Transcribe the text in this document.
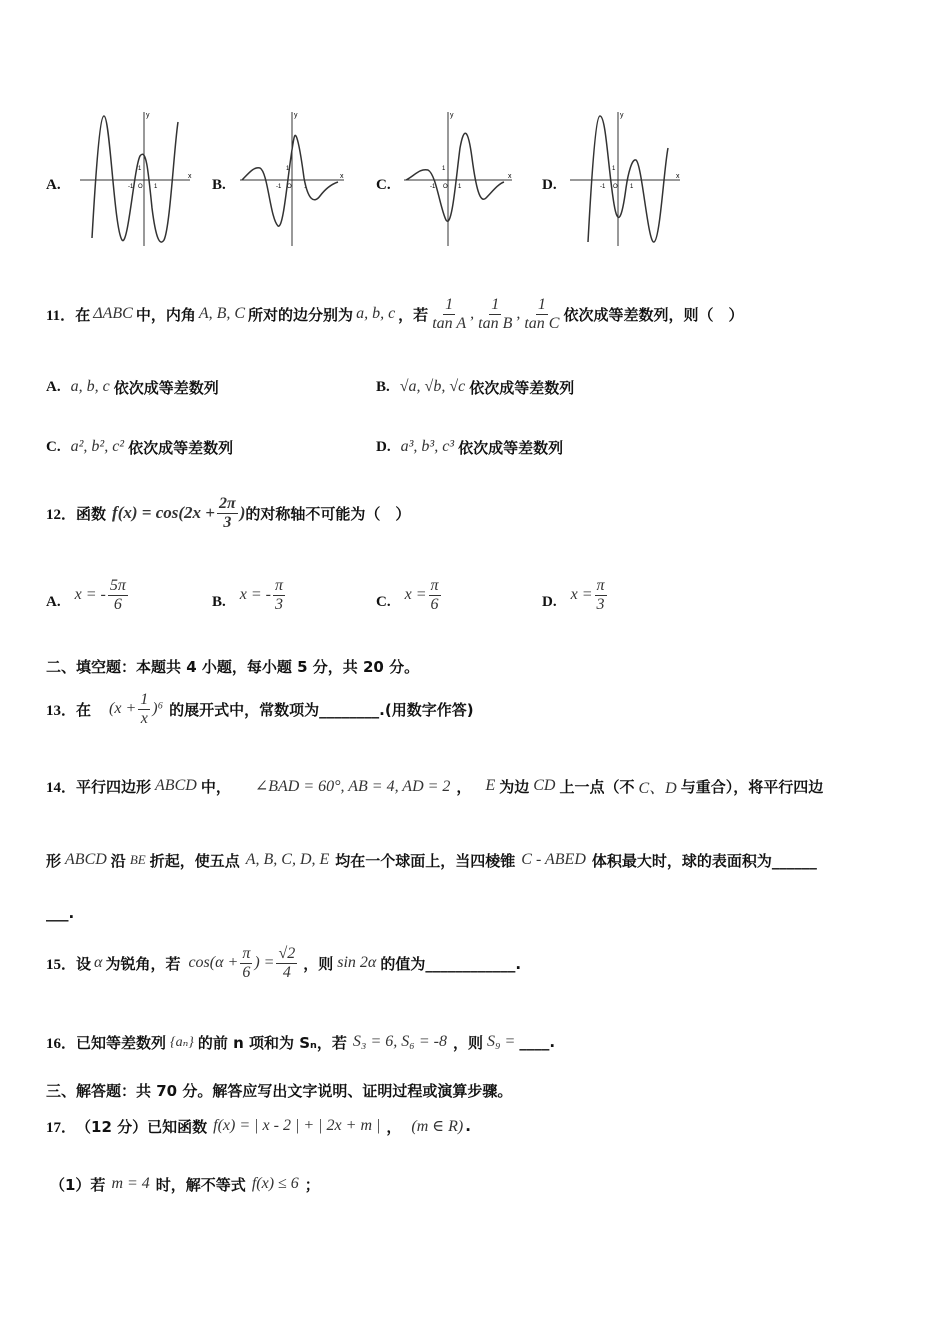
A.
x
y
-1 O 1
1
B.
x
y
-1 O 1
1
C.
x
y
-1 O 1
1
D.
x
y
-1 O 1
1
11． 在 ΔABC 中，内角 A, B, C 所对的边分别为 a, b, c ，若 $\frac{1}{\text{tan A}}$ , $\frac{1}{\text{tan B}}$ , $\frac{1}{\text{tan C}}$ 依次成等差数列，则（　）
A. a, b, c 依次成等差数列	B. √a, √b, √c 依次成等差数列
C. a², b², c² 依次成等差数列	D. a³, b³, c³ 依次成等差数列
12． 函数 $f(x) = \cos(2x + \frac{2\pi}{3}$ ) 的对称轴不可能为（　）
A. x = - $\frac{5\pi}{6}$	B. x = - $\frac{\pi}{3}$	C. $x = \frac{\pi}{6}$	D. $x = \frac{\pi}{3}$
二、填空题：本题共 4 小题，每小题 5 分，共 20 分。
13． 在 $(x + \frac{1}{x} )^6$ 的展开式中，常数项为________.(用数字作答)
14． 平行四边形 ABCD 中， ∠BAD = 60°, AB = 4, AD = 2 ， E 为边 CD 上一点（不 C、D 与重合），将平行四边
形 ABCD 沿 BE 折起，使五点 A, B, C, D, E 均在一个球面上，当四棱锥 C - ABED 体积最大时，球的表面积为______
___.
15． 设 α 为锐角，若 $\cos(\alpha + \frac{\pi}{6}$ ) = $\frac{√2}{4}$ ，则 sin 2α 的值为____________.
16． 已知等差数列 {aₙ} 的前 n 项和为 Sₙ，若 S₃ = 6, S₆ = -8 ，则 S₉ = ____.
三、解答题：共 70 分。解答应写出文字说明、证明过程或演算步骤。
17． （12 分）已知函数 f(x) = | x - 2 | + | 2x + m | ， (m ∈ R) .
（1）若 m = 4 时，解不等式 f(x) ≤ 6 ；
